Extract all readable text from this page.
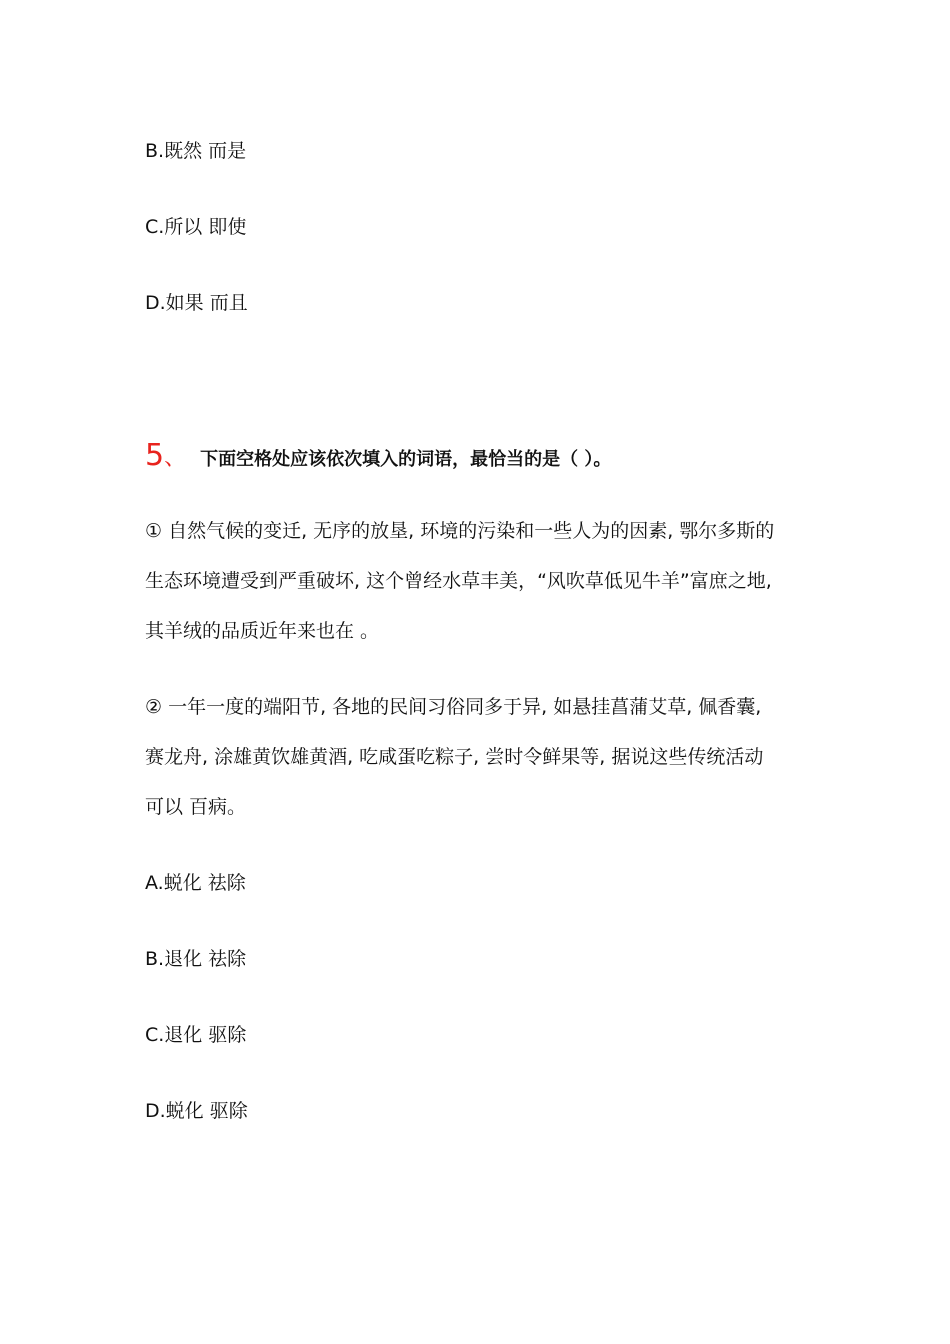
B.既然 而是
C.所以 即使
D.如果 而且
5 、 下面空格处应该依次填入的词语，最恰当的是（ ）。
① 自然气候的变迁, 无序的放垦, 环境的污染和一些人为的因素, 鄂尔多斯的
生态环境遭受到严重破坏, 这个曾经水草丰美，“风吹草低见牛羊”富庶之地,
其羊绒的品质近年来也在 。
② 一年一度的端阳节, 各地的民间习俗同多于异, 如悬挂菖蒲艾草, 佩香囊,
赛龙舟, 涂雄黄饮雄黄酒, 吃咸蛋吃粽子, 尝时令鲜果等, 据说这些传统活动
可以 百病。
A.蜕化 祛除
B.退化 祛除
C.退化 驱除
D.蜕化 驱除
